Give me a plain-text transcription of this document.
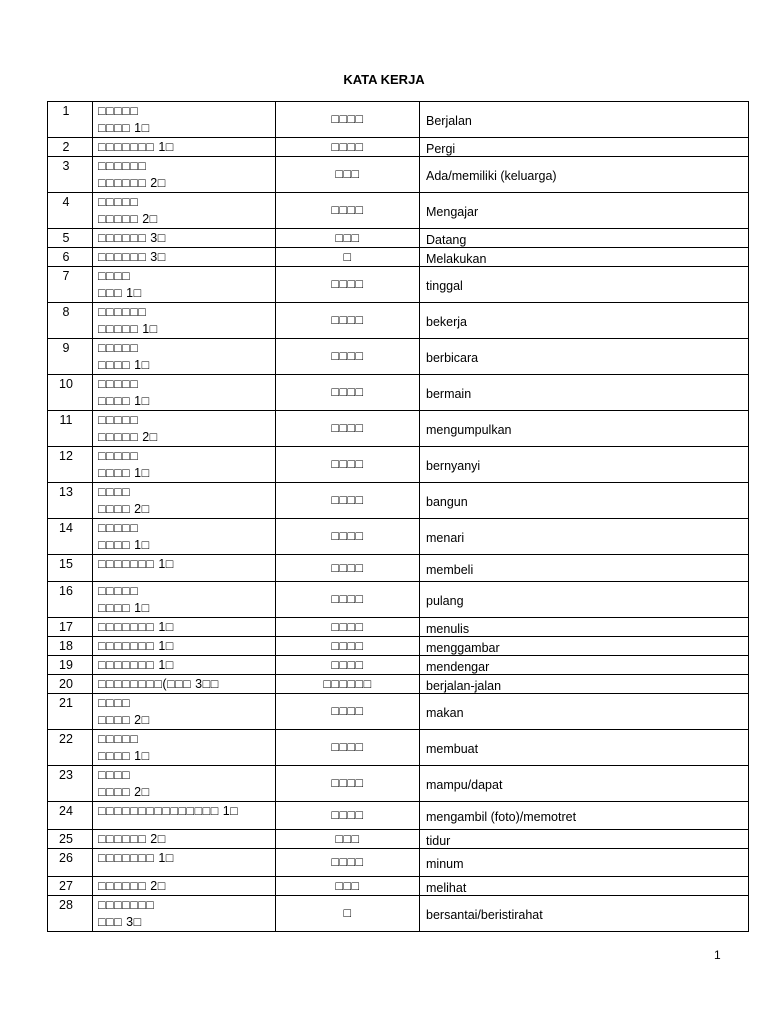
KATA KERJA
1	□□□□□
□□□□ 1□	□□□□	Berjalan
2	□□□□□□□ 1□	□□□□	Pergi
3	□□□□□□
□□□□□□ 2□	□□□	Ada/memiliki (keluarga)
4	□□□□□
□□□□□ 2□	□□□□	Mengajar
5	□□□□□□ 3□	□□□	Datang
6	□□□□□□ 3□	□	Melakukan
7	□□□□
□□□ 1□	□□□□	tinggal
8	□□□□□□
□□□□□ 1□	□□□□	bekerja
9	□□□□□
□□□□ 1□	□□□□	berbicara
10	□□□□□
□□□□ 1□	□□□□	bermain
11	□□□□□
□□□□□ 2□	□□□□	mengumpulkan
12	□□□□□
□□□□ 1□	□□□□	bernyanyi
13	□□□□
□□□□ 2□	□□□□	bangun
14	□□□□□
□□□□ 1□	□□□□	menari
15	□□□□□□□ 1□	□□□□	membeli
16	□□□□□
□□□□ 1□	□□□□	pulang
17	□□□□□□□ 1□	□□□□	menulis
18	□□□□□□□ 1□	□□□□	menggambar
19	□□□□□□□ 1□	□□□□	mendengar
20	□□□□□□□□(□□□ 3□□	□□□□□□	berjalan-jalan
21	□□□□
□□□□ 2□	□□□□	makan
22	□□□□□
□□□□ 1□	□□□□	membuat
23	□□□□
□□□□ 2□	□□□□	mampu/dapat
24	□□□□□□□□□□□□□□□ 1□	□□□□	mengambil (foto)/memotret
25	□□□□□□ 2□	□□□	tidur
26	□□□□□□□ 1□	□□□□	minum
27	□□□□□□ 2□	□□□	melihat
28	□□□□□□□
□□□ 3□	□	bersantai/beristirahat
1
